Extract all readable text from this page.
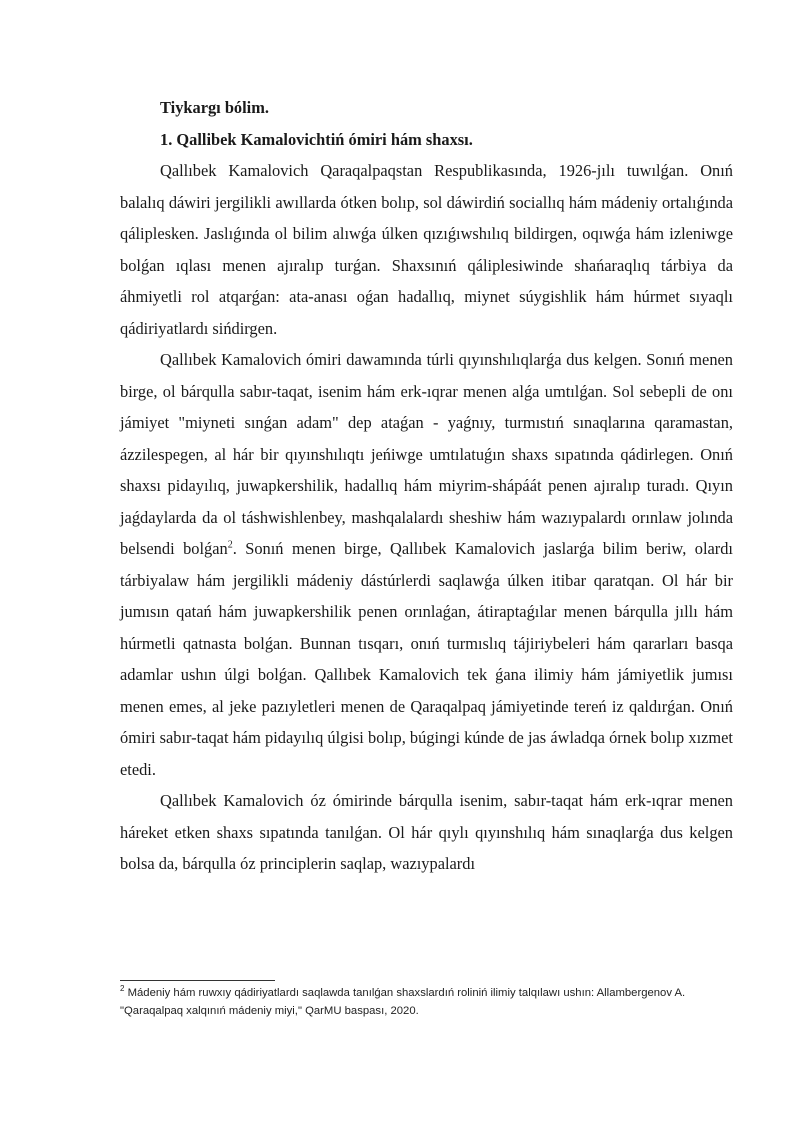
Tiykargı bólim.

1. Qallibek Kamalovichtiń ómiri hám shaxsı.

Qallıbek Kamalovich Qaraqalpaqstan Respublikasında, 1926-jılı tuwılǵan. Onıń balalıq dáwiri jergilikli awıllarda ótken bolıp, sol dáwirdiń sociallıq hám mádeniy ortalıǵında qáliplesken. Jaslıǵında ol bilim alıwǵa úlken qızıǵıwshılıq bildirgen, oqıwǵa hám izleniwge bolǵan ıqlası menen ajıralıp turǵan. Shaxsınıń qáliplesiwinde shańaraqlıq tárbiya da áhmiyetli rol atqarǵan: ata-anası oǵan hadallıq, miynet súygishlik hám húrmet sıyaqlı qádiriyatlardı sińdirgen.

Qallıbek Kamalovich ómiri dawamında túrli qıyınshılıqlarǵa dus kelgen. Sonıń menen birge, ol bárqulla sabır-taqat, isenim hám erk-ıqrar menen alǵa umtılǵan. Sol sebepli de onı jámiyet "miyneti sınǵan adam" dep ataǵan - yaǵnıy, turmıstıń sınaqlarına qaramastan, ázzilespegen, al hár bir qıyınshılıqtı jeńiwge umtılatuǵın shaxs sıpatında qádirlegen. Onıń shaxsı pidayılıq, juwapkershilik, hadallıq hám miyrim-shápáát penen ajıralıp turadı. Qıyın jaǵdaylarda da ol táshwishlenbey, mashqalalardı sheshiw hám wazıypalardı orınlaw jolında belsendi bolǵan$^2$. Sonıń menen birge, Qallıbek Kamalovich jaslarǵa bilim beriw, olardı tárbiyalaw hám jergilikli mádeniy dástúrlerdi saqlawǵa úlken itibar qaratqan. Ol hár bir jumısın qatań hám juwapkershilik penen orınlaǵan, átiraptaǵılar menen bárqulla jıllı hám húrmetli qatnasta bolǵan. Bunnan tısqarı, onıń turmıslıq tájiriybeleri hám qararları basqa adamlar ushın úlgi bolǵan. Qallıbek Kamalovich tek ǵana ilimiy hám jámiyetlik jumısı menen emes, al jeke pazıyletleri menen de Qaraqalpaq jámiyetinde tereń iz qaldırǵan. Onıń ómiri sabır-taqat hám pidayılıq úlgisi bolıp, búgingi kúnde de jas áwladqa órnek bolıp xızmet etedi.

Qallıbek Kamalovich óz ómirinde bárqulla isenim, sabır-taqat hám erk-ıqrar menen háreket etken shaxs sıpatında tanılǵan. Ol hár qıylı qıyınshılıq hám sınaqlarǵa dus kelgen bolsa da, bárqulla óz principlerin saqlap, wazıypalardı

$^2$ Mádeniy hám ruwxıy qádiriyatlardı saqlawda tanılǵan shaxslardıń roliniń ilimiy talqılawı ushın: Allambergenov A. "Qaraqalpaq xalqınıń mádeniy miyi," QarMU baspası, 2020.
